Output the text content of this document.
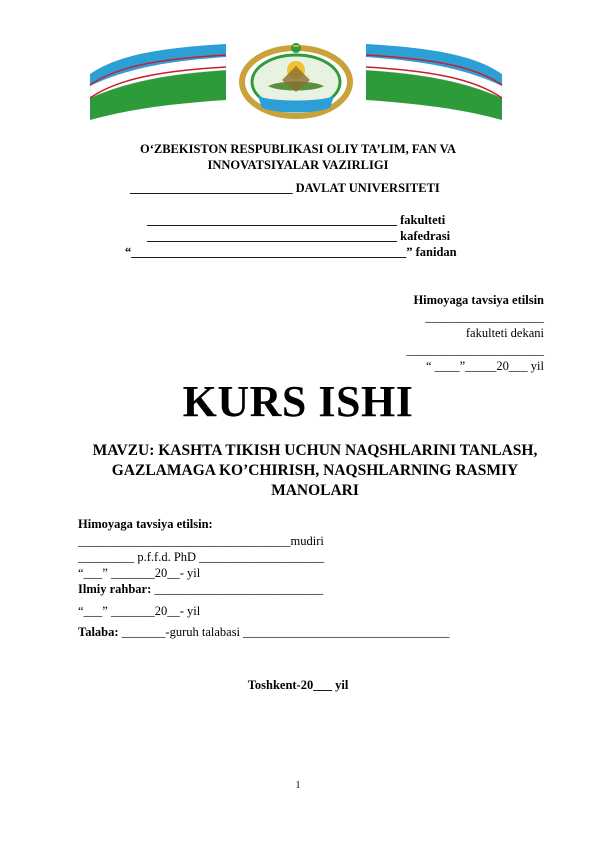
O‘ZBEKISTON RESPUBLIKASI OLIY TA’LIM, FAN VA
INNOVATSIYALAR VAZIRLIGI
__________________________ DAVLAT UNIVERSITETI
________________________________________ fakulteti
________________________________________ kafedrasi
“____________________________________________” fanidan
Himoyaga tavsiya etilsin
___________________
fakulteti dekani
______________________
“ ____”_____20___ yil
KURS ISHI
MAVZU: KASHTA TIKISH UCHUN NAQSHLARINI TANLASH,
GAZLAMAGA KO’CHIRISH, NAQSHLARNING RASMIY
MANOLARI
Himoyaga tavsiya etilsin:
__________________________________mudiri
_________ p.f.f.d. PhD ____________________
“___” _______20__- yil
Ilmiy rahbar: ___________________________
“___” _______20__- yil
Talaba: _______-guruh talabasi _________________________________
Toshkent-20___ yil
1
